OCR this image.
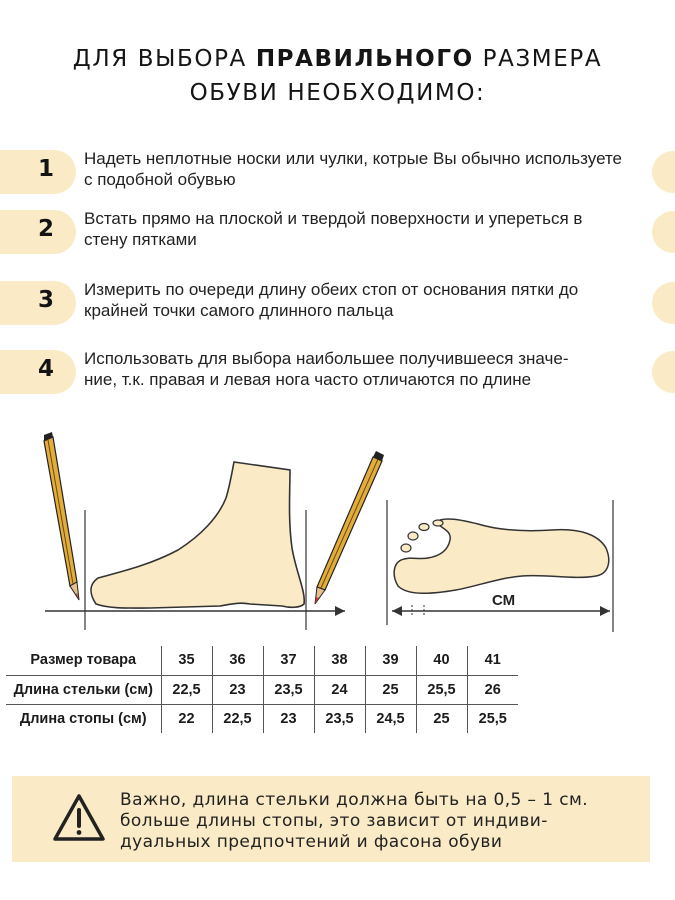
ДЛЯ ВЫБОРА ПРАВИЛЬНОГО РАЗМЕРА
ОБУВИ НЕОБХОДИМО:
1 Надеть неплотные носки или чулки, котрые Вы обычно используете
с подобной обувью
2 Встать прямо на плоской и твердой поверхности и упереться в
стену пятками
3 Измерить по очереди длину обеих стоп от основания пятки до
крайней точки самого длинного пальца
4 Использовать для выбора наибольшее получившееся значе-
ние, т.к. правая и левая нога часто отличаются по длине
СМ
Размер товара	35	36	37	38	39	40	41
Длина стельки (см)	22,5	23	23,5	24	25	25,5	26
Длина стопы (см)	22	22,5	23	23,5	24,5	25	25,5
Важно, длина стельки должна быть на 0,5 – 1 см.
больше длины стопы, это зависит от индиви-
дуальных предпочтений и фасона обуви
